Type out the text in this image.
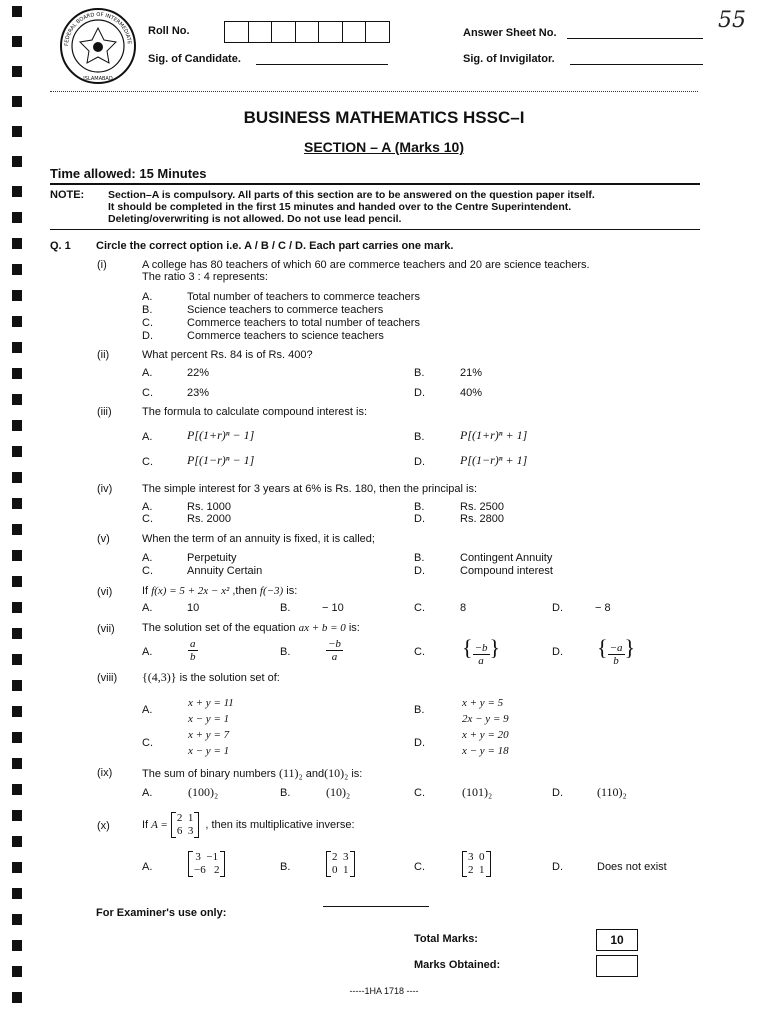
FEDERAL BOARD OF INTERMEDIATE
ISLAMABAD
Roll No.
Sig. of Candidate.
Answer Sheet No.
Sig. of Invigilator.
55
BUSINESS MATHEMATICS HSSC–I
SECTION – A (Marks 10)
Time allowed: 15 Minutes
NOTE: Section–A is compulsory. All parts of this section are to be answered on the question paper itself.
It should be completed in the first 15 minutes and handed over to the Centre Superintendent.
Deleting/overwriting is not allowed. Do not use lead pencil.
Q. 1 Circle the correct option i.e. A / B / C / D. Each part carries one mark.
(i)	A college has 80 teachers of which 60 are commerce teachers and 20 are science teachers.
The ratio 3 : 4 represents:
A.	Total number of teachers to commerce teachers
B.	Science teachers to commerce teachers
C.	Commerce teachers to total number of teachers
D.	Commerce teachers to science teachers
(ii)	What percent Rs. 84 is of Rs. 400?
A.	22%	B.	21%
C.	23%	D.	40%
(iii)	The formula to calculate compound interest is:
A.	P[(1+r)ⁿ − 1]	B.	P[(1+r)ⁿ + 1]
C.	P[(1−r)ⁿ − 1]	D.	P[(1−r)ⁿ + 1]
(iv)	The simple interest for 3 years at 6% is Rs. 180, then the principal is:
A.	Rs. 1000	B.	Rs. 2500
C.	Rs. 2000	D.	Rs. 2800
(v)	When the term of an annuity is fixed, it is called;
A.	Perpetuity	B.	Contingent Annuity
C.	Annuity Certain	D.	Compound interest
(vi)	If f(x) = 5 + 2x − x² ,then f(−3) is:
A.	10	B.	− 10	C.	8	D.	− 8
(vii) The solution set of the equation ax + b = 0 is:
A.	$\frac{a}{b}$	B.	$\frac{-b}{a}$	C. { $\frac{-b}{a}$ }	D. { $\frac{-a}{b}$ }
(viii) {(4,3)} is the solution set of:
A.
x + y = 11
x − y = 1
B.
x + y = 5
2x − y = 9
C.
x + y = 7
x − y = 1
D.
x + y = 20
x − y = 18
(ix)	The sum of binary numbers (11)₂ and(10)₂ is:
A.	(100)₂	B.	(10)₂	C.	(101)₂	D.	(110)₂
(x)	If A =
2  1
6  3 , then its multiplicative inverse:
A.
3  −1
−6   2	B.
2  3
0  1	C.
3  0
2  1	D.	Does not exist
For Examiner's use only:
Total Marks:	10
Marks Obtained:
-----1HA 1718 ----
